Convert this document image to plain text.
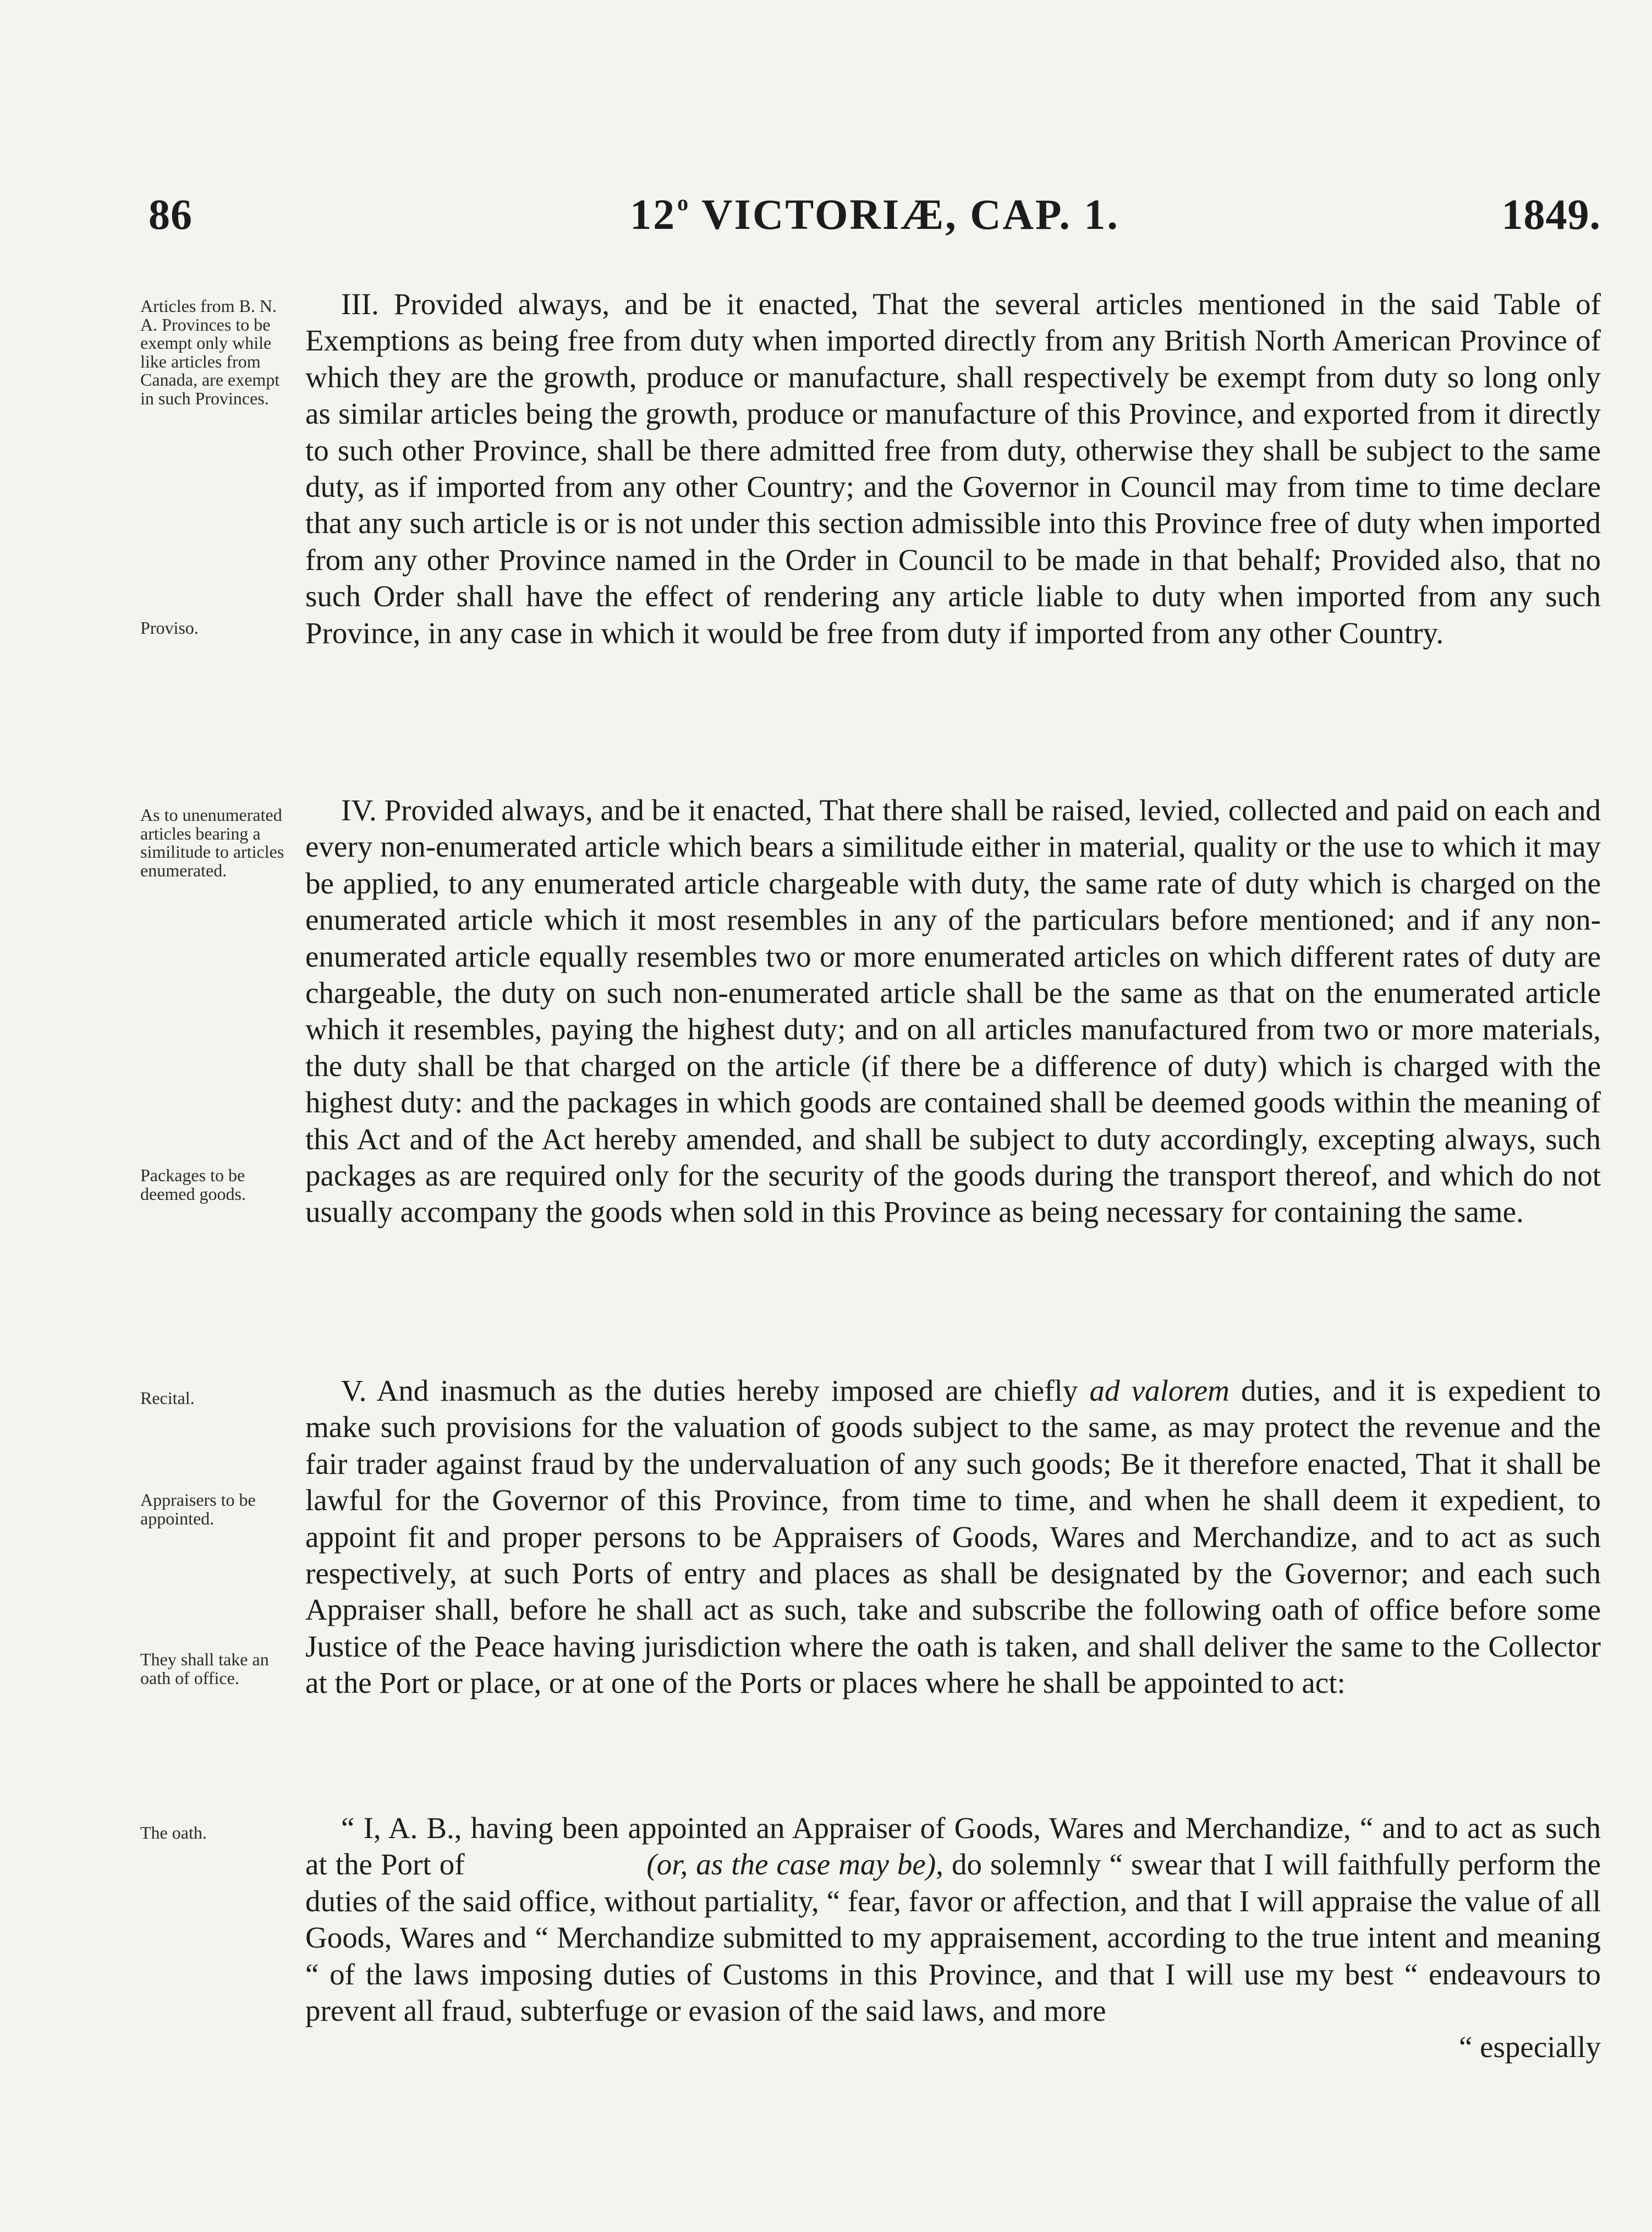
86	12$^o$ VICTORIÆ, CAP. 1.	1849.
Articles from B. N. A. Provinces to be exempt only while like articles from Canada, are exempt in such Provinces.
Proviso.
As to unenumerated articles bearing a similitude to articles enumerated.
Packages to be deemed goods.
Recital.
Appraisers to be appointed.
They shall take an oath of office.
The oath.

III. Provided always, and be it enacted, That the several articles mentioned in the said Table of Exemptions as being free from duty when imported directly from any British North American Province of which they are the growth, produce or manufacture, shall respectively be exempt from duty so long only as similar articles being the growth, produce or manufacture of this Province, and exported from it directly to such other Province, shall be there admitted free from duty, otherwise they shall be subject to the same duty, as if imported from any other Country; and the Governor in Council may from time to time declare that any such article is or is not under this section admissible into this Province free of duty when imported from any other Province named in the Order in Council to be made in that behalf; Provided also, that no such Order shall have the effect of rendering any article liable to duty when imported from any such Province, in any case in which it would be free from duty if imported from any other Country.

IV. Provided always, and be it enacted, That there shall be raised, levied, collected and paid on each and every non-enumerated article which bears a similitude either in material, quality or the use to which it may be applied, to any enumerated article chargeable with duty, the same rate of duty which is charged on the enumerated article which it most resembles in any of the particulars before mentioned; and if any non-enumerated article equally resembles two or more enumerated articles on which different rates of duty are chargeable, the duty on such non-enumerated article shall be the same as that on the enumerated article which it resembles, paying the highest duty; and on all articles manufactured from two or more materials, the duty shall be that charged on the article (if there be a difference of duty) which is charged with the highest duty: and the packages in which goods are contained shall be deemed goods within the meaning of this Act and of the Act hereby amended, and shall be subject to duty accordingly, excepting always, such packages as are required only for the security of the goods during the transport thereof, and which do not usually accompany the goods when sold in this Province as being necessary for containing the same.

V. And inasmuch as the duties hereby imposed are chiefly ad valorem duties, and it is expedient to make such provisions for the valuation of goods subject to the same, as may protect the revenue and the fair trader against fraud by the undervaluation of any such goods; Be it therefore enacted, That it shall be lawful for the Governor of this Province, from time to time, and when he shall deem it expedient, to appoint fit and proper persons to be Appraisers of Goods, Wares and Merchandize, and to act as such respectively, at such Ports of entry and places as shall be designated by the Governor; and each such Appraiser shall, before he shall act as such, take and subscribe the following oath of office before some Justice of the Peace having jurisdiction where the oath is taken, and shall deliver the same to the Collector at the Port or place, or at one of the Ports or places where he shall be appointed to act:

“ I, A. B., having been appointed an Appraiser of Goods, Wares and Merchandize, “ and to act as such at the Port of                      (or, as the case may be), do solemnly “ swear that I will faithfully perform the duties of the said office, without partiality, “ fear, favor or affection, and that I will appraise the value of all Goods, Wares and “ Merchandize submitted to my appraisement, according to the true intent and meaning “ of the laws imposing duties of Customs in this Province, and that I will use my best “ endeavours to prevent all fraud, subterfuge or evasion of the said laws, and more

“ especially
